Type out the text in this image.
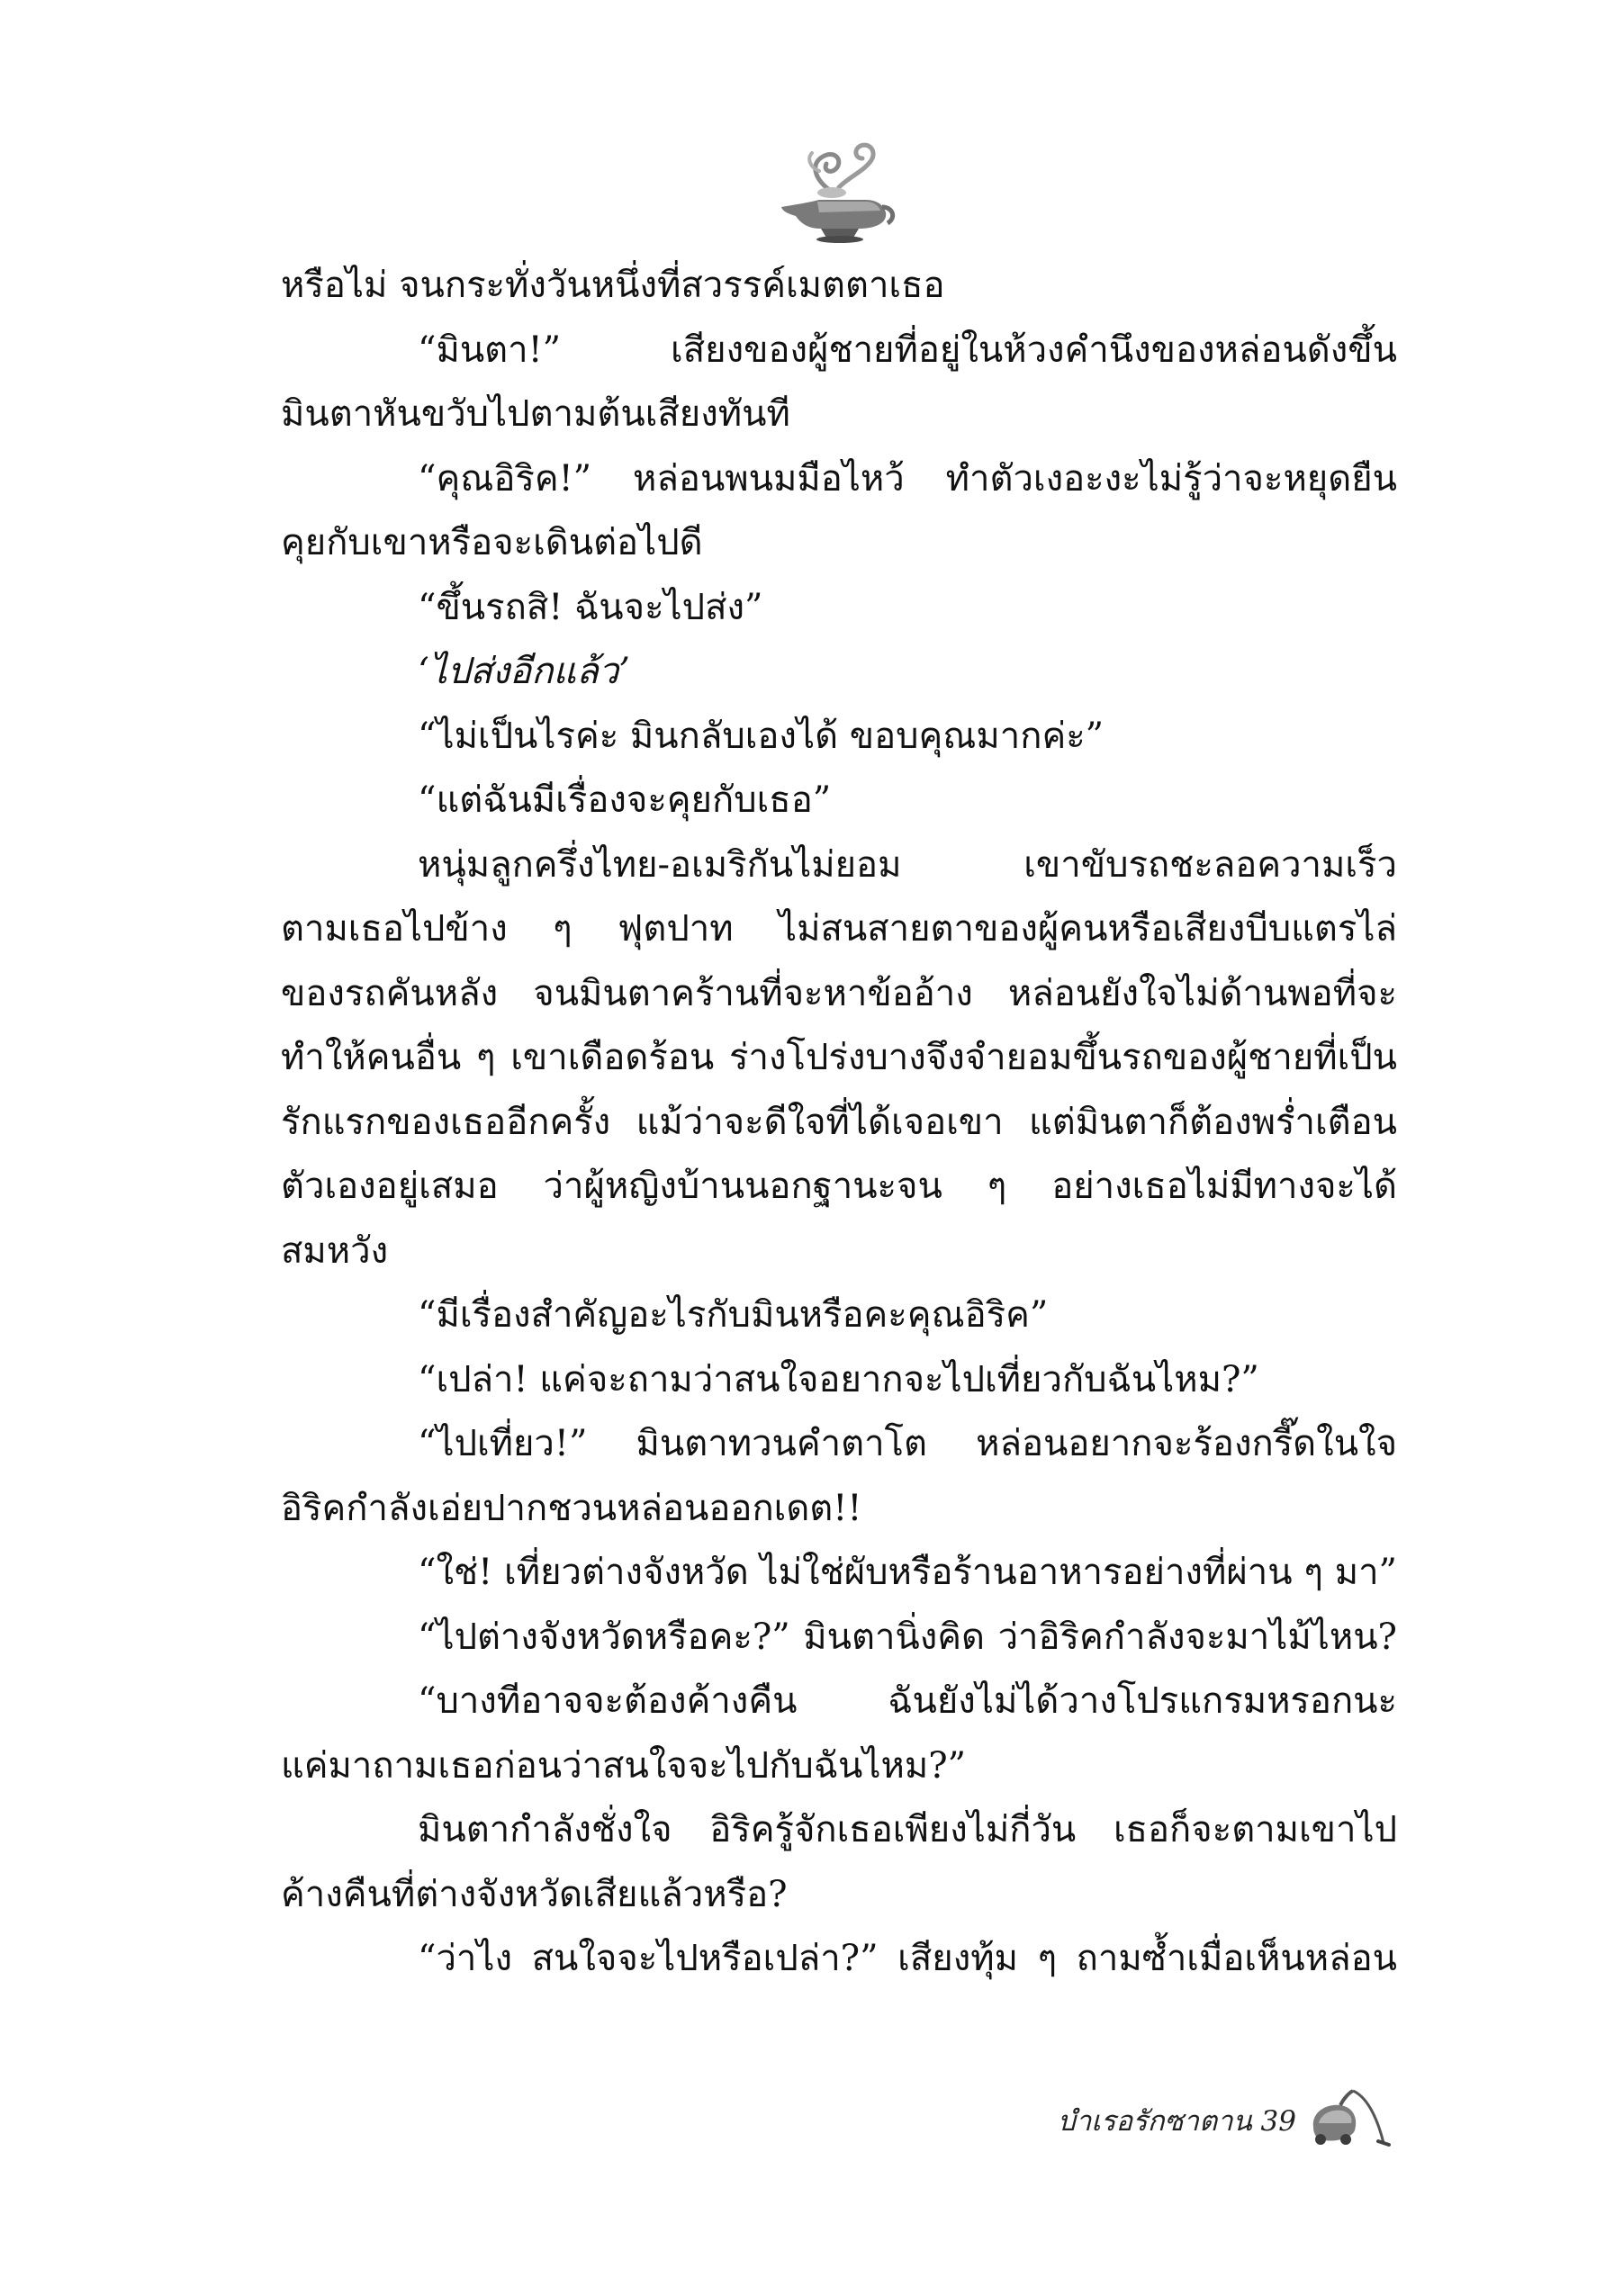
หรือไม่ จนกระทั่งวันหนึ่งที่สวรรค์เมตตาเธอ
“มินตา!” เสียงของผู้ชายที่อยู่ในห้วงคำนึงของหล่อนดังขึ้น
มินตาหันขวับไปตามต้นเสียงทันที
“คุณอิริค!” หล่อนพนมมือไหว้ ทำตัวเงอะงะไม่รู้ว่าจะหยุดยืน
คุยกับเขาหรือจะเดินต่อไปดี
“ขึ้นรถสิ! ฉันจะไปส่ง”
‘ไปส่งอีกแล้ว’
“ไม่เป็นไรค่ะ มินกลับเองได้ ขอบคุณมากค่ะ”
“แต่ฉันมีเรื่องจะคุยกับเธอ”
หนุ่มลูกครึ่งไทย-อเมริกันไม่ยอม เขาขับรถชะลอความเร็ว
ตามเธอไปข้าง ๆ ฟุตปาท ไม่สนสายตาของผู้คนหรือเสียงบีบแตรไล่
ของรถคันหลัง จนมินตาคร้านที่จะหาข้ออ้าง หล่อนยังใจไม่ด้านพอที่จะ
ทำให้คนอื่น ๆ เขาเดือดร้อน ร่างโปร่งบางจึงจำยอมขึ้นรถของผู้ชายที่เป็น
รักแรกของเธออีกครั้ง แม้ว่าจะดีใจที่ได้เจอเขา แต่มินตาก็ต้องพร่ำเตือน
ตัวเองอยู่เสมอ ว่าผู้หญิงบ้านนอกฐานะจน ๆ อย่างเธอไม่มีทางจะได้
สมหวัง
“มีเรื่องสำคัญอะไรกับมินหรือคะคุณอิริค”
“เปล่า! แค่จะถามว่าสนใจอยากจะไปเที่ยวกับฉันไหม?”
“ไปเที่ยว!” มินตาทวนคำตาโต หล่อนอยากจะร้องกรี๊ดในใจ
อิริคกำลังเอ่ยปากชวนหล่อนออกเดต!!
“ใช่! เที่ยวต่างจังหวัด ไม่ใช่ผับหรือร้านอาหารอย่างที่ผ่าน ๆ มา”
“ไปต่างจังหวัดหรือคะ?” มินตานิ่งคิด ว่าอิริคกำลังจะมาไม้ไหน?
“บางทีอาจจะต้องค้างคืน ฉันยังไม่ได้วางโปรแกรมหรอกนะ
แค่มาถามเธอก่อนว่าสนใจจะไปกับฉันไหม?”
มินตากำลังชั่งใจ อิริครู้จักเธอเพียงไม่กี่วัน เธอก็จะตามเขาไป
ค้างคืนที่ต่างจังหวัดเสียแล้วหรือ?
“ว่าไง สนใจจะไปหรือเปล่า?” เสียงทุ้ม ๆ ถามซ้ำเมื่อเห็นหล่อน
บำเรอรักซาตาน 39
